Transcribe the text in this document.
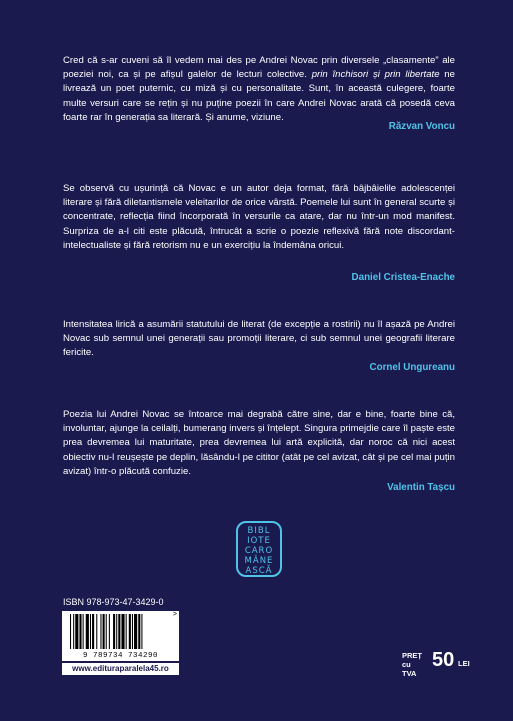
Cred că s-ar cuveni să îl vedem mai des pe Andrei Novac prin diversele „clasamente” ale poeziei noi, ca și pe afișul galelor de lecturi colective. prin închisori și prin libertate ne livrează un poet puternic, cu miză și cu personalitate. Sunt, în această culegere, foarte multe versuri care se rețin și nu puține poezii în care Andrei Novac arată că posedă ceva foarte rar în generația sa literară. Și anume, viziune.
Răzvan Voncu
Se observă cu ușurință că Novac e un autor deja format, fără bâjbâielile adolescenței literare și fără diletantismele veleitarilor de orice vârstă. Poemele lui sunt în general scurte și concentrate, reflecția fiind încorporată în versurile ca atare, dar nu într-un mod manifest. Surpriza de a-l citi este plăcută, întrucât a scrie o poezie reflexivă fără note discordant-intelectualiste și fără retorism nu e un exercițiu la îndemâna oricui.
Daniel Cristea-Enache
Intensitatea lirică a asumării statutului de literat (de excepție a rostirii) nu îl așază pe Andrei Novac sub semnul unei generații sau promoții literare, ci sub semnul unei geografii literare fericite.
Cornel Ungureanu
Poezia lui Andrei Novac se întoarce mai degrabă către sine, dar e bine, foarte bine că, involuntar, ajunge la ceilalți, bumerang invers și înțelept. Singura primejdie care îl paște este prea devremea lui maturitate, prea devremea lui artă explicită, dar noroc că nici acest obiectiv nu-l reușește pe deplin, lăsându-l pe cititor (atât pe cel avizat, cât și pe cel mai puțin avizat) într-o plăcută confuzie.
Valentin Tașcu
BIBL
IOTE
CARO
MÂNE
ASCĂ
ISBN 978-973-47-3429-0
>
9 789734 734290
www.edituraparalela45.ro
PREȚ
cu TVA
50 LEI
